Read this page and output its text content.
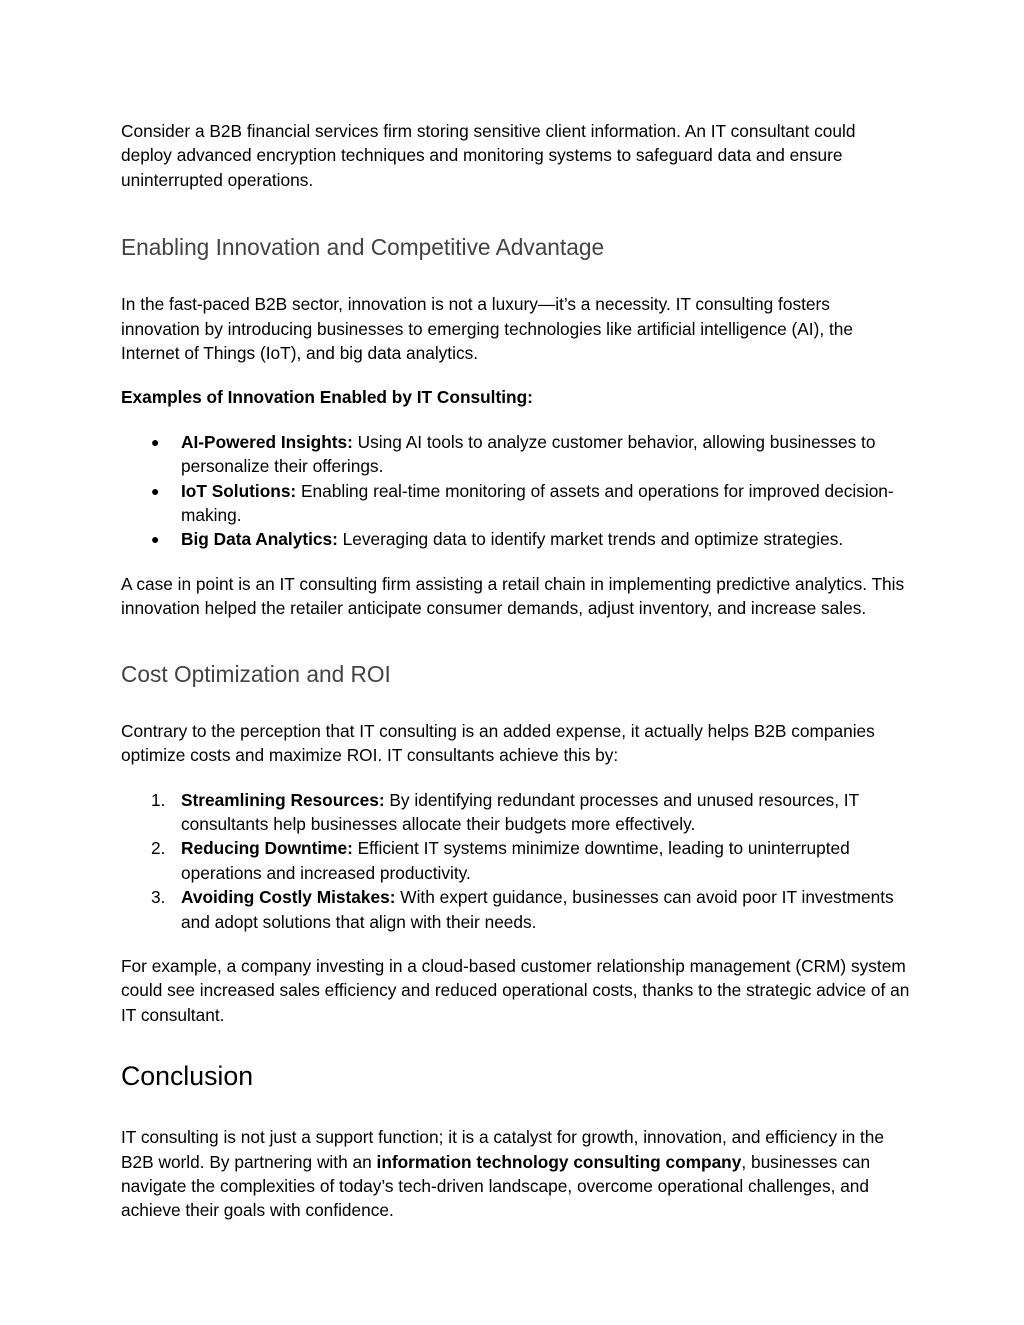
Consider a B2B financial services firm storing sensitive client information. An IT consultant could deploy advanced encryption techniques and monitoring systems to safeguard data and ensure uninterrupted operations.

Enabling Innovation and Competitive Advantage

In the fast-paced B2B sector, innovation is not a luxury—it’s a necessity. IT consulting fosters innovation by introducing businesses to emerging technologies like artificial intelligence (AI), the Internet of Things (IoT), and big data analytics.

Examples of Innovation Enabled by IT Consulting:

● AI-Powered Insights: Using AI tools to analyze customer behavior, allowing businesses to personalize their offerings.
● IoT Solutions: Enabling real-time monitoring of assets and operations for improved decision-making.
● Big Data Analytics: Leveraging data to identify market trends and optimize strategies.

A case in point is an IT consulting firm assisting a retail chain in implementing predictive analytics. This innovation helped the retailer anticipate consumer demands, adjust inventory, and increase sales.

Cost Optimization and ROI

Contrary to the perception that IT consulting is an added expense, it actually helps B2B companies optimize costs and maximize ROI. IT consultants achieve this by:

1. Streamlining Resources: By identifying redundant processes and unused resources, IT consultants help businesses allocate their budgets more effectively.
2. Reducing Downtime: Efficient IT systems minimize downtime, leading to uninterrupted operations and increased productivity.
3. Avoiding Costly Mistakes: With expert guidance, businesses can avoid poor IT investments and adopt solutions that align with their needs.

For example, a company investing in a cloud-based customer relationship management (CRM) system could see increased sales efficiency and reduced operational costs, thanks to the strategic advice of an IT consultant.

Conclusion

IT consulting is not just a support function; it is a catalyst for growth, innovation, and efficiency in the B2B world. By partnering with an information technology consulting company, businesses can navigate the complexities of today’s tech-driven landscape, overcome operational challenges, and achieve their goals with confidence.
